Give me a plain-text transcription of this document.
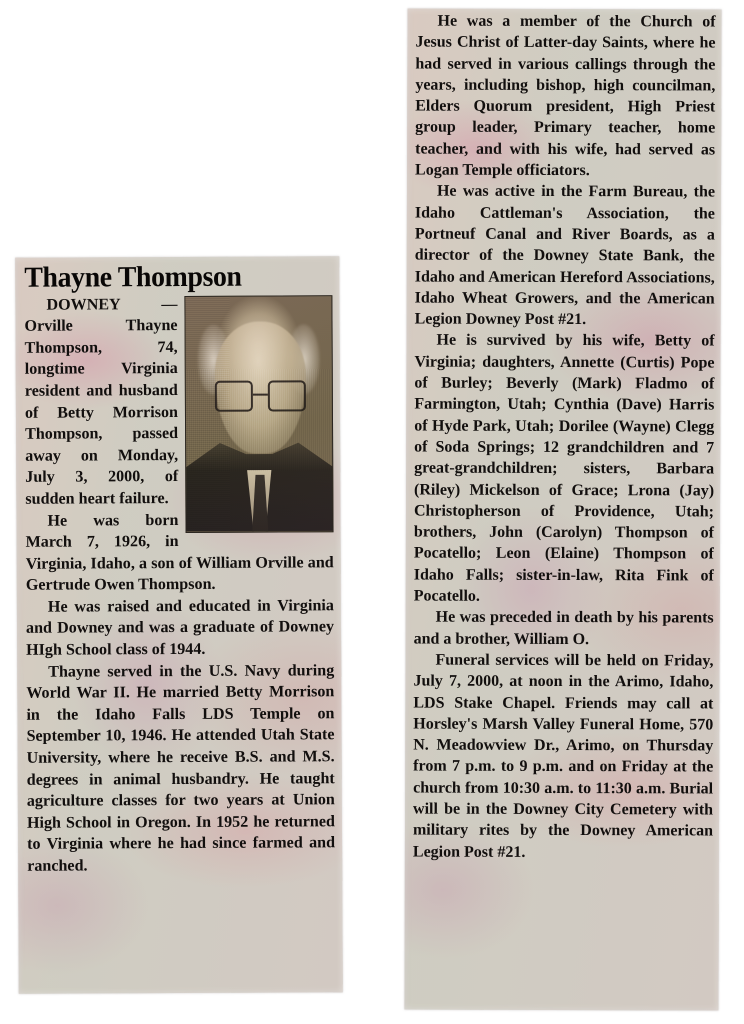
Thayne Thompson

DOWNEY — Orville Thayne Thompson, 74, longtime Virginia resident and husband of Betty Morrison Thompson, passed away on Monday, July 3, 2000, of sudden heart failure.

He was born March 7, 1926, in Virginia, Idaho, a son of William Orville and Gertrude Owen Thompson.

He was raised and educated in Virginia and Downey and was a graduate of Downey HIgh School class of 1944.

Thayne served in the U.S. Navy during World War II. He married Betty Morrison in the Idaho Falls LDS Temple on September 10, 1946. He attended Utah State University, where he receive B.S. and M.S. degrees in animal husbandry. He taught agriculture classes for two years at Union High School in Oregon. In 1952 he returned to Virginia where he had since farmed and ranched.

He was a member of the Church of Jesus Christ of Latter-day Saints, where he had served in various callings through the years, including bishop, high councilman, Elders Quorum president, High Priest group leader, Primary teacher, home teacher, and with his wife, had served as Logan Temple officiators.

He was active in the Farm Bureau, the Idaho Cattleman's Association, the Portneuf Canal and River Boards, as a director of the Downey State Bank, the Idaho and American Hereford Associations, Idaho Wheat Growers, and the American Legion Downey Post #21.

He is survived by his wife, Betty of Virginia; daughters, Annette (Curtis) Pope of Burley; Beverly (Mark) Fladmo of Farmington, Utah; Cynthia (Dave) Harris of Hyde Park, Utah; Dorilee (Wayne) Clegg of Soda Springs; 12 grandchildren and 7 great-grandchildren; sisters, Barbara (Riley) Mickelson of Grace; Lrona (Jay) Christopherson of Providence, Utah; brothers, John (Carolyn) Thompson of Pocatello; Leon (Elaine) Thompson of Idaho Falls; sister-in-law, Rita Fink of Pocatello.

He was preceded in death by his parents and a brother, William O.

Funeral services will be held on Friday, July 7, 2000, at noon in the Arimo, Idaho, LDS Stake Chapel. Friends may call at Horsley's Marsh Valley Funeral Home, 570 N. Meadowview Dr., Arimo, on Thursday from 7 p.m. to 9 p.m. and on Friday at the church from 10:30 a.m. to 11:30 a.m. Burial will be in the Downey City Cemetery with military rites by the Downey American Legion Post #21.
